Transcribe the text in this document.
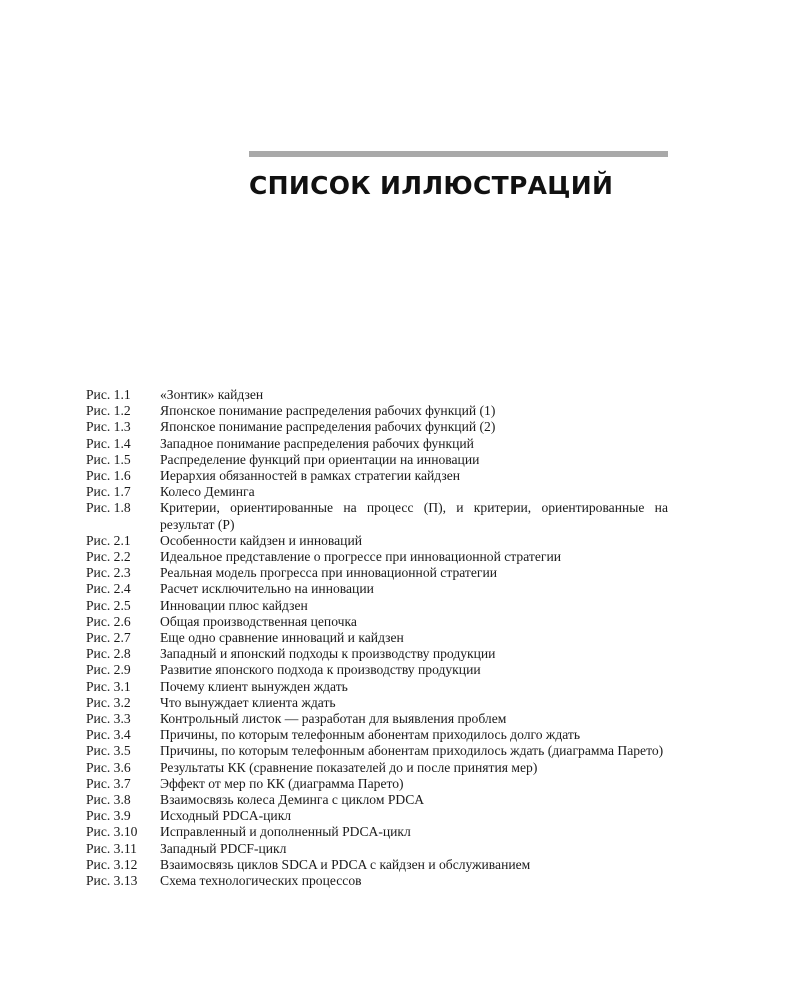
СПИСОК ИЛЛЮСТРАЦИЙ
Рис. 1.1	«Зонтик» кайдзен
Рис. 1.2	Японское понимание распределения рабочих функций (1)
Рис. 1.3	Японское понимание распределения рабочих функций (2)
Рис. 1.4	Западное понимание распределения рабочих функций
Рис. 1.5	Распределение функций при ориентации на инновации
Рис. 1.6	Иерархия обязанностей в рамках стратегии кайдзен
Рис. 1.7	Колесо Деминга
Рис. 1.8	Критерии, ориентированные на процесс (П), и критерии, ориентированные на результат (Р)
Рис. 2.1	Особенности кайдзен и инноваций
Рис. 2.2	Идеальное представление о прогрессе при инновационной стратегии
Рис. 2.3	Реальная модель прогресса при инновационной стратегии
Рис. 2.4	Расчет исключительно на инновации
Рис. 2.5	Инновации плюс кайдзен
Рис. 2.6	Общая производственная цепочка
Рис. 2.7	Еще одно сравнение инноваций и кайдзен
Рис. 2.8	Западный и японский подходы к производству продукции
Рис. 2.9	Развитие японского подхода к производству продукции
Рис. 3.1	Почему клиент вынужден ждать
Рис. 3.2	Что вынуждает клиента ждать
Рис. 3.3	Контрольный листок — разработан для выявления проблем
Рис. 3.4	Причины, по которым телефонным абонентам приходилось долго ждать
Рис. 3.5	Причины, по которым телефонным абонентам приходилось ждать (диаграмма Парето)
Рис. 3.6	Результаты КК (сравнение показателей до и после принятия мер)
Рис. 3.7	Эффект от мер по КК (диаграмма Парето)
Рис. 3.8	Взаимосвязь колеса Деминга с циклом PDCA
Рис. 3.9	Исходный PDCA-цикл
Рис. 3.10	Исправленный и дополненный PDCA-цикл
Рис. 3.11	Западный PDCF-цикл
Рис. 3.12	Взаимосвязь циклов SDCA и PDCA с кайдзен и обслуживанием
Рис. 3.13	Схема технологических процессов
